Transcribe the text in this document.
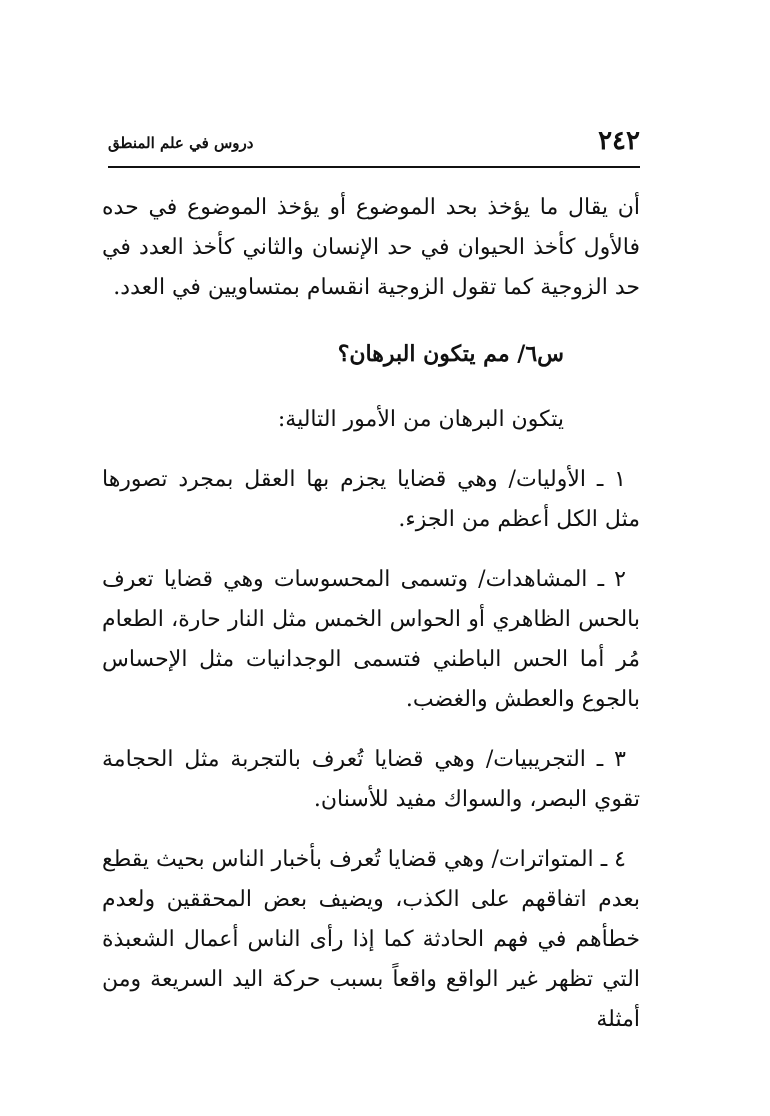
٢٤٢
دروس في علم المنطق

أن يقال ما يؤخذ بحد الموضوع أو يؤخذ الموضوع في حده فالأول كأخذ الحيوان في حد الإنسان والثاني كأخذ العدد في حد الزوجية كما تقول الزوجية انقسام بمتساويين في العدد.

س٦/ مم يتكون البرهان؟

يتكون البرهان من الأمور التالية:

١ ـ الأوليات/ وهي قضايا يجزم بها العقل بمجرد تصورها مثل الكل أعظم من الجزء.

٢ ـ المشاهدات/ وتسمى المحسوسات وهي قضايا تعرف بالحس الظاهري أو الحواس الخمس مثل النار حارة، الطعام مُر أما الحس الباطني فتسمى الوجدانيات مثل الإحساس بالجوع والعطش والغضب.

٣ ـ التجريبيات/ وهي قضايا تُعرف بالتجربة مثل الحجامة تقوي البصر، والسواك مفيد للأسنان.

٤ ـ المتواترات/ وهي قضايا تُعرف بأخبار الناس بحيث يقطع بعدم اتفاقهم على الكذب، ويضيف بعض المحققين ولعدم خطأهم في فهم الحادثة كما إذا رأى الناس أعمال الشعبذة التي تظهر غير الواقع واقعاً بسبب حركة اليد السريعة ومن أمثلة
